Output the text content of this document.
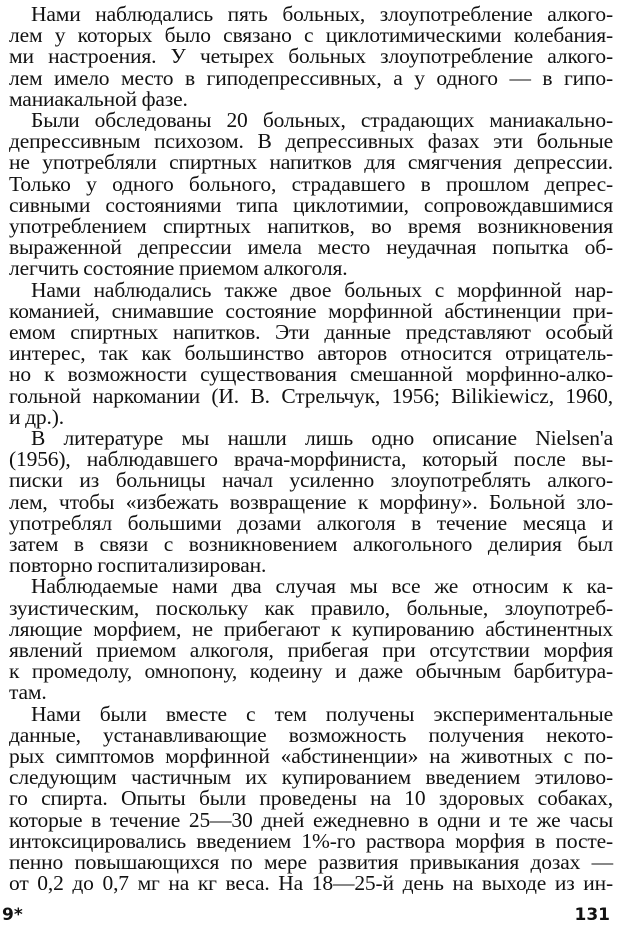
Нами наблюдались пять больных, злоупотребление алкого-
лем у которых было связано с циклотимическими колебания-
ми настроения. У четырех больных злоупотребление алкого-
лем имело место в гиподепрессивных, а у одного — в гипо-
маниакальной фазе.
Были обследованы 20 больных, страдающих маниакально-
депрессивным психозом. В депрессивных фазах эти больные
не употребляли спиртных напитков для смягчения депрессии.
Только у одного больного, страдавшего в прошлом депрес-
сивными состояниями типа циклотимии, сопровождавшимися
употреблением спиртных напитков, во время возникновения
выраженной депрессии имела место неудачная попытка об-
легчить состояние приемом алкоголя.
Нами наблюдались также двое больных с морфинной нар-
команией, снимавшие состояние морфинной абстиненции при-
емом спиртных напитков. Эти данные представляют особый
интерес, так как большинство авторов относится отрицатель-
но к возможности существования смешанной морфинно-алко-
гольной наркомании (И. В. Стрельчук, 1956; Bilikiewicz, 1960,
и др.).
В литературе мы нашли лишь одно описание Nielsen'а
(1956), наблюдавшего врача-морфиниста, который после вы-
писки из больницы начал усиленно злоупотреблять алкого-
лем, чтобы «избежать возвращение к морфину». Больной зло-
употреблял большими дозами алкоголя в течение месяца и
затем в связи с возникновением алкогольного делирия был
повторно госпитализирован.
Наблюдаемые нами два случая мы все же относим к ка-
зуистическим, поскольку как правило, больные, злоупотреб-
ляющие морфием, не прибегают к купированию абстинентных
явлений приемом алкоголя, прибегая при отсутствии морфия
к промедолу, омнопону, кодеину и даже обычным барбитура-
там.
Нами были вместе с тем получены экспериментальные
данные, устанавливающие возможность получения некото-
рых симптомов морфинной «абстиненции» на животных с по-
следующим частичным их купированием введением этилово-
го спирта. Опыты были проведены на 10 здоровых собаках,
которые в течение 25—30 дней ежедневно в одни и те же часы
интоксицировались введением 1%-го раствора морфия в посте-
пенно повышающихся по мере развития привыкания дозах —
от 0,2 до 0,7 мг на кг веса. На 18—25-й день на выходе из ин-
9*	131
